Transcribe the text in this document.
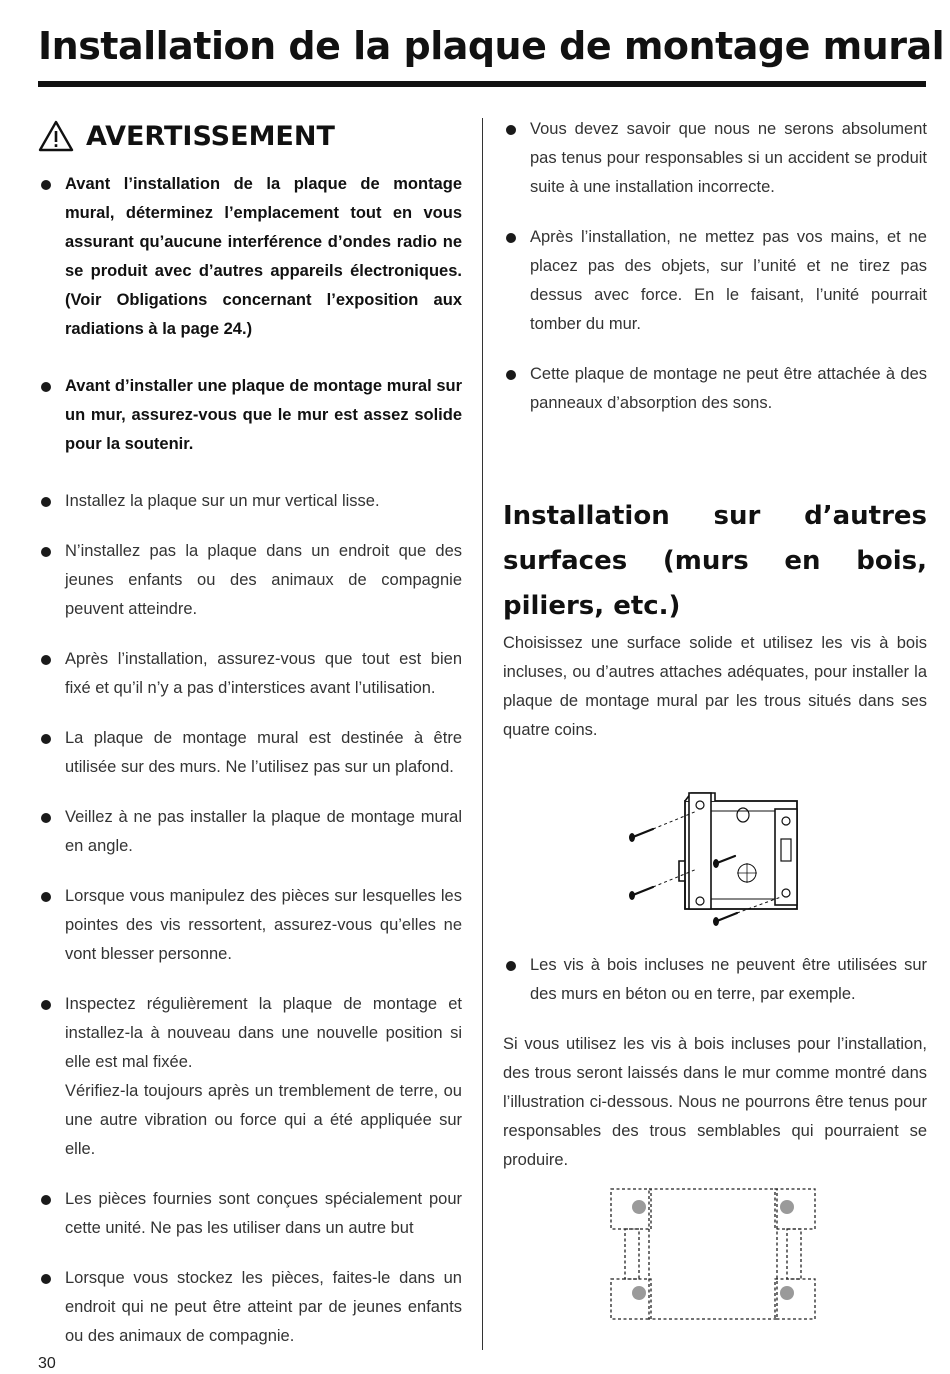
Installation de la plaque de montage mural
AVERTISSEMENT
Avant l’installation de la plaque de montage mural, déterminez l’emplacement tout en vous assurant qu’aucune interférence d’ondes radio ne se produit avec d’autres appareils électroniques. (Voir Obligations concernant l’exposition aux radiations à la page 24.)
Avant d’installer une plaque de montage mural sur un mur, assurez-vous que le mur est assez solide pour la soutenir.
Installez la plaque sur un mur vertical lisse.
N’installez pas la plaque dans un endroit que des jeunes enfants ou des animaux de compagnie peuvent atteindre.
Après l’installation, assurez-vous que tout est bien fixé et qu’il n’y a pas d’interstices avant l’utilisation.
La plaque de montage mural est destinée à être utilisée sur des murs. Ne l’utilisez pas sur un plafond.
Veillez à ne pas installer la plaque de montage mural en angle.
Lorsque vous manipulez des pièces sur lesquelles les pointes des vis ressortent, assurez-vous qu’elles ne vont blesser personne.
Inspectez régulièrement la plaque de montage et installez-la à nouveau dans une nouvelle position si elle est mal fixée.
Vérifiez-la toujours après un tremblement de terre, ou une autre vibration ou force qui a été appliquée sur elle.
Les pièces fournies sont conçues spécialement pour cette unité. Ne pas les utiliser dans un autre but
Lorsque vous stockez les pièces, faites-le dans un endroit qui ne peut être atteint par de jeunes enfants ou des animaux de compagnie.
Vous devez savoir que nous ne serons absolument pas tenus pour responsables si un accident se produit suite à une installation incorrecte.
Après l’installation, ne mettez pas vos mains, et ne placez pas des objets, sur l’unité et ne tirez pas dessus avec force. En le faisant, l’unité pourrait tomber du mur.
Cette plaque de montage ne peut être attachée à des panneaux d’absorption des sons.
Installation sur d’autres surfaces (murs en bois, piliers, etc.)

Choisissez une surface solide et utilisez les vis à bois incluses, ou d’autres attaches adéquates, pour installer la plaque de montage mural par les trous situés dans ses quatre coins.

Les vis à bois incluses ne peuvent être utilisées sur des murs en béton ou en terre, par exemple.

Si vous utilisez les vis à bois incluses pour l’installation, des trous seront laissés dans le mur comme montré dans l’illustration ci-dessous. Nous ne pourrons être tenus pour responsables des trous semblables qui pourraient se produire.

30
